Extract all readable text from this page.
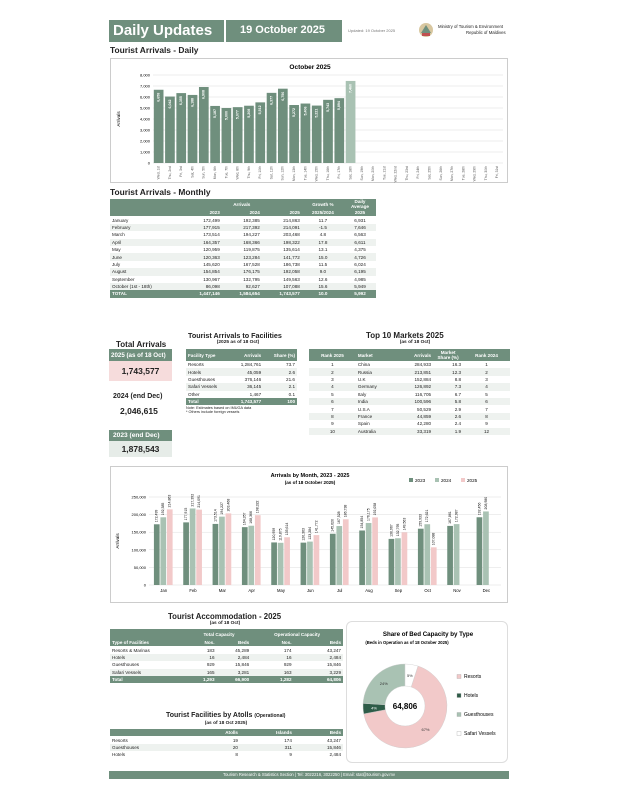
Daily Updates	19 October 2025	Updated: 19 October 2025
Ministry of Tourism & Environment
Republic of Maldives
Tourist Arrivals - Daily
October 2025
Arrivals
0
1,000
2,000
3,000
4,000
5,000
6,000
7,000
8,000
6,658
Wed, 1st
6,042
Thu, 2nd
6,355
Fri, 3rd
6,188
Sat, 4th
6,908
Sun, 5th
5,187
Mon, 6th
5,000
Tue, 7th
5,077
Wed, 8th
5,208
Thu, 9th
5,512
Fri, 10th
6,377
Sat, 11th
6,756
Sun, 12th
5,272
Mon, 13th
5,406
Tue, 14th
5,221
Wed, 15th
5,743
Thu, 16th
5,894
Fri, 17th
7,460
Sat, 18th Sun, 19th Mon, 20th Tue, 21st Wed, 22nd Thu, 23rd Fri, 24th Sat, 25th Sun, 26th Mon, 27th Tue, 28th Wed, 29th Thu, 30th Fri, 31st
Tourist Arrivals - Monthly
	Arrivals			Growth %	Daily Average
	2023	2024	2025	2025/2024	2025
January	172,499	192,385	214,863	11.7	6,931
February	177,915	217,392	214,091	-1.5	7,646
March	173,514	194,227	203,468	4.8	6,563
April	164,357	168,366	198,322	17.8	6,611
May	120,959	119,875	135,614	13.1	4,375
June	120,363	123,284	141,772	15.0	4,726
July	145,620	167,528	186,738	11.5	6,024
August	154,854	176,175	192,058	9.0	6,195
September	130,967	132,795	149,563	12.6	4,985
October (1st - 18th)	86,098	92,627	107,088	15.6	5,949
TOTAL	1,447,146	1,584,654	1,743,577	10.0	5,992
Total Arrivals
2025 (as of 18 Oct)
1,743,577
2024 (end Dec)
2,046,615
2023 (end Dec)
1,878,543
Tourist Arrivals to Facilities
(2025 as of 18 Oct)
Facility Type	Arrivals	Share (%)
Resorts	1,284,761	73.7
Hotels	45,059	2.6
Guesthouses	376,146	21.6
Safari Vessels	36,145	2.1
Other	1,467	0.1
Total	1,743,577	100
Note: Estimates based on IMUGA data
* Others include foreign vessels
Top 10 Markets 2025
(as of 18 Oct)
Rank 2025	Market	Arrivals	Market Share (%)	Rank 2024
1	China	284,933	16.3	1
2	Russia	213,851	12.3	2
3	U.K	152,884	8.8	3
4	Germany	126,892	7.3	4
5	Italy	116,705	6.7	5
6	India	100,596	5.8	6
7	U.S.A	50,529	2.9	7
8	France	44,859	2.6	8
9	Spain	42,280	2.4	9
10	Australia	33,319	1.9	12
Arrivals by Month, 2023 - 2025
(as of 18 October 2025)
Arrivals
0
50,000
100,000
150,000
200,000
250,000
172,499
192,385
214,863
Jan
177,915
217,392 214,091
Feb
173,514
194,227 203,468
Mar
164,357 168,366
198,322
Apr
120,959 119,875 135,614
May
120,363 123,284
141,772
Jun
145,620
167,528
186,738
Jul
154,854
176,175 192,058
Aug
130,967 132,795 149,563
Sep
159,933 172,621
107,088
Oct
167,861 172,987
Nov
192,456 208,980
Dec
2023	2024	2025
Tourist Accommodation - 2025
(as of 18 Oct)
	Total Capacity		Operational Capacity	
Type of Facilities	Nos.	Beds	Nos.	Beds
Resorts & Marinas	183	45,289	174	43,247
Hotels	16	2,484	16	2,484
Guesthouses	929	15,846	929	15,846
Safari Vessels	165	3,281	163	3,229
Total	1,293	66,900	1,282	64,806
Tourist Facilities by Atolls (Operational)
(as of 18 Oct 2025)
	Atolls	Islands	Beds
Resorts	19	174	43,247
Guesthouses	20	311	15,846
Hotels	8	9	2,484
Share of Bed Capacity by Type
(Beds in Operation as of 18 October 2025)
67%
4%
24%
5%
64,806
Resorts
Hotels
Guesthouses
Safari Vessels
Tourism Research & Statistics Section | Tel: 3022216, 3022250 | Email: stat@tourism.gov.mv
